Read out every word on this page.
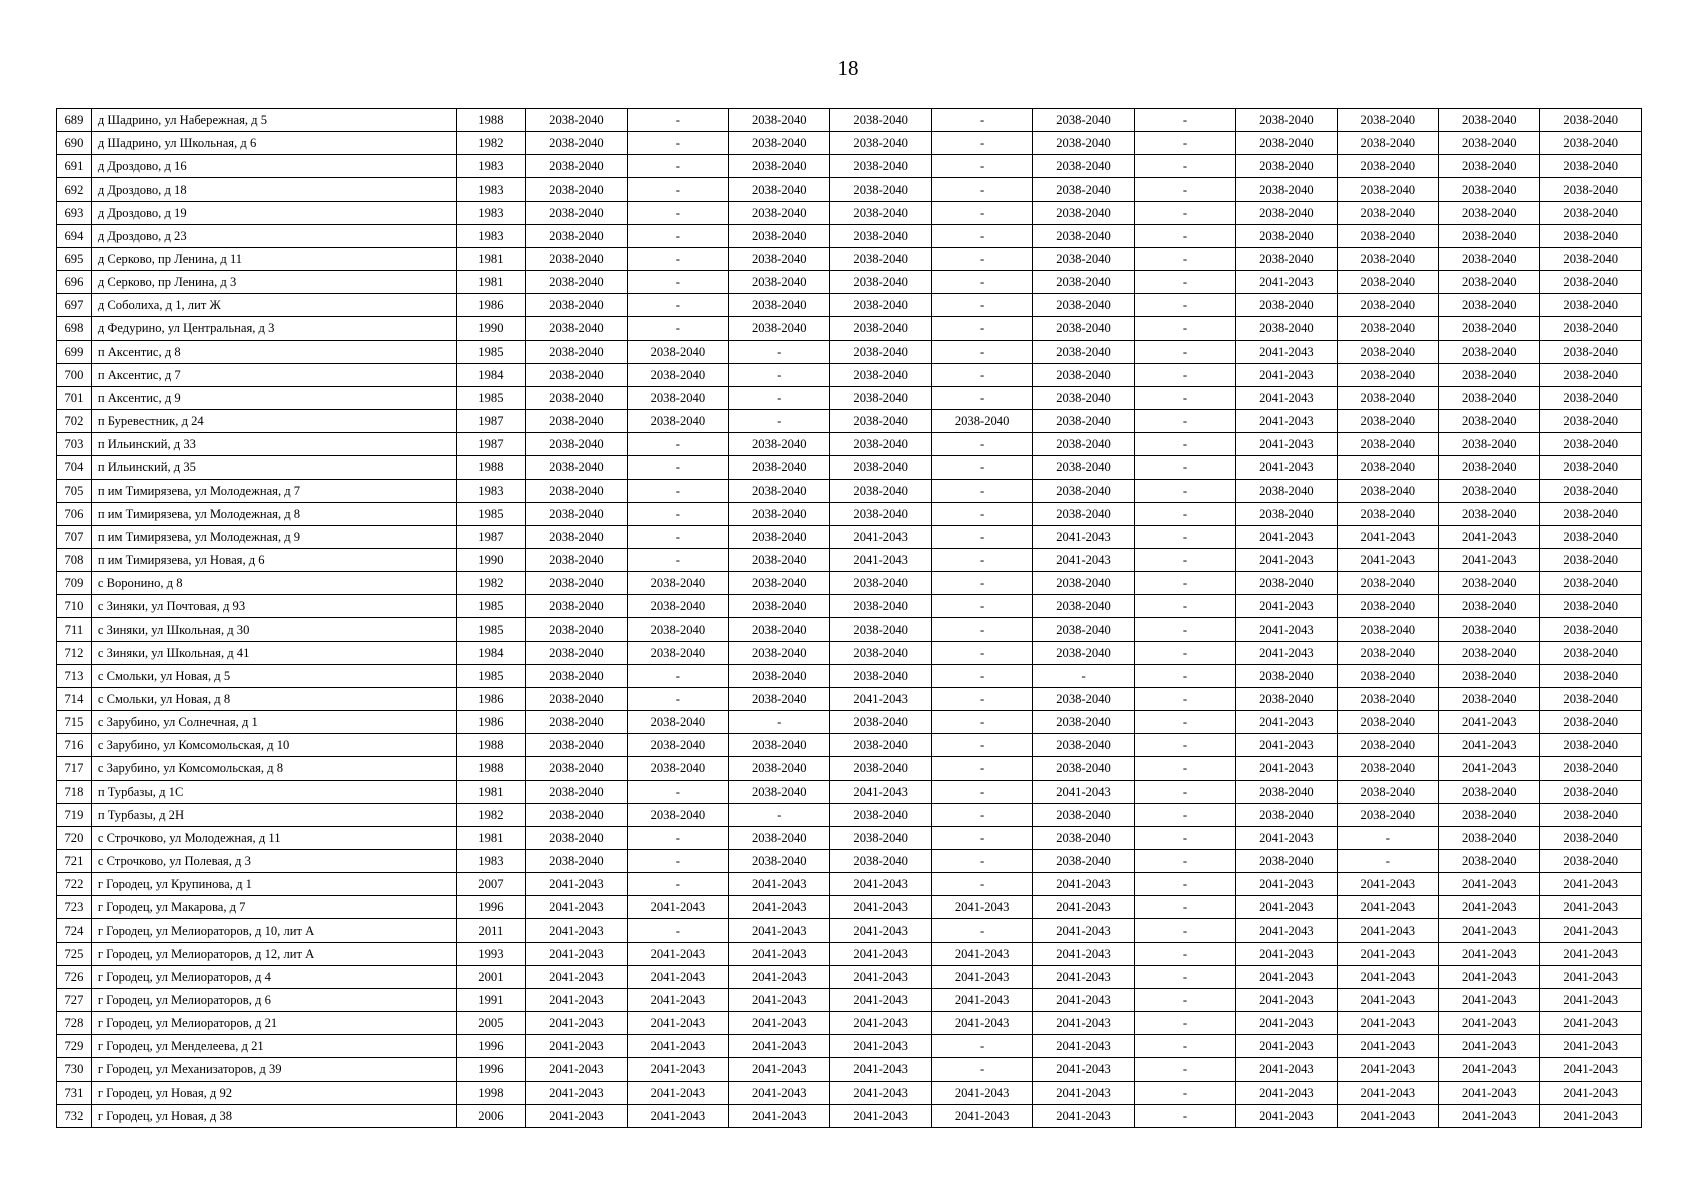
18
689	д Шадрино, ул Набережная, д 5	1988	2038-2040	-	2038-2040	2038-2040	-	2038-2040	-	2038-2040	2038-2040	2038-2040	2038-2040
690	д Шадрино, ул Школьная, д 6	1982	2038-2040	-	2038-2040	2038-2040	-	2038-2040	-	2038-2040	2038-2040	2038-2040	2038-2040
691	д Дроздово, д 16	1983	2038-2040	-	2038-2040	2038-2040	-	2038-2040	-	2038-2040	2038-2040	2038-2040	2038-2040
692	д Дроздово, д 18	1983	2038-2040	-	2038-2040	2038-2040	-	2038-2040	-	2038-2040	2038-2040	2038-2040	2038-2040
693	д Дроздово, д 19	1983	2038-2040	-	2038-2040	2038-2040	-	2038-2040	-	2038-2040	2038-2040	2038-2040	2038-2040
694	д Дроздово, д 23	1983	2038-2040	-	2038-2040	2038-2040	-	2038-2040	-	2038-2040	2038-2040	2038-2040	2038-2040
695	д Серково, пр Ленина, д 11	1981	2038-2040	-	2038-2040	2038-2040	-	2038-2040	-	2038-2040	2038-2040	2038-2040	2038-2040
696	д Серково, пр Ленина, д 3	1981	2038-2040	-	2038-2040	2038-2040	-	2038-2040	-	2041-2043	2038-2040	2038-2040	2038-2040
697	д Соболиха, д 1, лит Ж	1986	2038-2040	-	2038-2040	2038-2040	-	2038-2040	-	2038-2040	2038-2040	2038-2040	2038-2040
698	д Федурино, ул Центральная, д 3	1990	2038-2040	-	2038-2040	2038-2040	-	2038-2040	-	2038-2040	2038-2040	2038-2040	2038-2040
699	п Аксентис, д 8	1985	2038-2040	2038-2040	-	2038-2040	-	2038-2040	-	2041-2043	2038-2040	2038-2040	2038-2040
700	п Аксентис, д 7	1984	2038-2040	2038-2040	-	2038-2040	-	2038-2040	-	2041-2043	2038-2040	2038-2040	2038-2040
701	п Аксентис, д 9	1985	2038-2040	2038-2040	-	2038-2040	-	2038-2040	-	2041-2043	2038-2040	2038-2040	2038-2040
702	п Буревестник, д 24	1987	2038-2040	2038-2040	-	2038-2040	2038-2040	2038-2040	-	2041-2043	2038-2040	2038-2040	2038-2040
703	п Ильинский, д 33	1987	2038-2040	-	2038-2040	2038-2040	-	2038-2040	-	2041-2043	2038-2040	2038-2040	2038-2040
704	п Ильинский, д 35	1988	2038-2040	-	2038-2040	2038-2040	-	2038-2040	-	2041-2043	2038-2040	2038-2040	2038-2040
705	п им Тимирязева, ул Молодежная, д 7	1983	2038-2040	-	2038-2040	2038-2040	-	2038-2040	-	2038-2040	2038-2040	2038-2040	2038-2040
706	п им Тимирязева, ул Молодежная, д 8	1985	2038-2040	-	2038-2040	2038-2040	-	2038-2040	-	2038-2040	2038-2040	2038-2040	2038-2040
707	п им Тимирязева, ул Молодежная, д 9	1987	2038-2040	-	2038-2040	2041-2043	-	2041-2043	-	2041-2043	2041-2043	2041-2043	2038-2040
708	п им Тимирязева, ул Новая, д 6	1990	2038-2040	-	2038-2040	2041-2043	-	2041-2043	-	2041-2043	2041-2043	2041-2043	2038-2040
709	с Воронино, д 8	1982	2038-2040	2038-2040	2038-2040	2038-2040	-	2038-2040	-	2038-2040	2038-2040	2038-2040	2038-2040
710	с Зиняки, ул Почтовая, д 93	1985	2038-2040	2038-2040	2038-2040	2038-2040	-	2038-2040	-	2041-2043	2038-2040	2038-2040	2038-2040
711	с Зиняки, ул Школьная, д 30	1985	2038-2040	2038-2040	2038-2040	2038-2040	-	2038-2040	-	2041-2043	2038-2040	2038-2040	2038-2040
712	с Зиняки, ул Школьная, д 41	1984	2038-2040	2038-2040	2038-2040	2038-2040	-	2038-2040	-	2041-2043	2038-2040	2038-2040	2038-2040
713	с Смольки, ул Новая, д 5	1985	2038-2040	-	2038-2040	2038-2040	-	-	-	2038-2040	2038-2040	2038-2040	2038-2040
714	с Смольки, ул Новая, д 8	1986	2038-2040	-	2038-2040	2041-2043	-	2038-2040	-	2038-2040	2038-2040	2038-2040	2038-2040
715	с Зарубино, ул Солнечная, д 1	1986	2038-2040	2038-2040	-	2038-2040	-	2038-2040	-	2041-2043	2038-2040	2041-2043	2038-2040
716	с Зарубино, ул Комсомольская, д 10	1988	2038-2040	2038-2040	2038-2040	2038-2040	-	2038-2040	-	2041-2043	2038-2040	2041-2043	2038-2040
717	с Зарубино, ул Комсомольская, д 8	1988	2038-2040	2038-2040	2038-2040	2038-2040	-	2038-2040	-	2041-2043	2038-2040	2041-2043	2038-2040
718	п Турбазы, д 1С	1981	2038-2040	-	2038-2040	2041-2043	-	2041-2043	-	2038-2040	2038-2040	2038-2040	2038-2040
719	п Турбазы, д 2Н	1982	2038-2040	2038-2040	-	2038-2040	-	2038-2040	-	2038-2040	2038-2040	2038-2040	2038-2040
720	с Строчково, ул Молодежная, д 11	1981	2038-2040	-	2038-2040	2038-2040	-	2038-2040	-	2041-2043	-	2038-2040	2038-2040
721	с Строчково, ул Полевая, д 3	1983	2038-2040	-	2038-2040	2038-2040	-	2038-2040	-	2038-2040	-	2038-2040	2038-2040
722	г Городец, ул Крупинова, д 1	2007	2041-2043	-	2041-2043	2041-2043	-	2041-2043	-	2041-2043	2041-2043	2041-2043	2041-2043
723	г Городец, ул Макарова, д 7	1996	2041-2043	2041-2043	2041-2043	2041-2043	2041-2043	2041-2043	-	2041-2043	2041-2043	2041-2043	2041-2043
724	г Городец, ул Мелиораторов, д 10, лит А	2011	2041-2043	-	2041-2043	2041-2043	-	2041-2043	-	2041-2043	2041-2043	2041-2043	2041-2043
725	г Городец, ул Мелиораторов, д 12, лит А	1993	2041-2043	2041-2043	2041-2043	2041-2043	2041-2043	2041-2043	-	2041-2043	2041-2043	2041-2043	2041-2043
726	г Городец, ул Мелиораторов, д 4	2001	2041-2043	2041-2043	2041-2043	2041-2043	2041-2043	2041-2043	-	2041-2043	2041-2043	2041-2043	2041-2043
727	г Городец, ул Мелиораторов, д 6	1991	2041-2043	2041-2043	2041-2043	2041-2043	2041-2043	2041-2043	-	2041-2043	2041-2043	2041-2043	2041-2043
728	г Городец, ул Мелиораторов, д 21	2005	2041-2043	2041-2043	2041-2043	2041-2043	2041-2043	2041-2043	-	2041-2043	2041-2043	2041-2043	2041-2043
729	г Городец, ул Менделеева, д 21	1996	2041-2043	2041-2043	2041-2043	2041-2043	-	2041-2043	-	2041-2043	2041-2043	2041-2043	2041-2043
730	г Городец, ул Механизаторов, д 39	1996	2041-2043	2041-2043	2041-2043	2041-2043	-	2041-2043	-	2041-2043	2041-2043	2041-2043	2041-2043
731	г Городец, ул Новая, д 92	1998	2041-2043	2041-2043	2041-2043	2041-2043	2041-2043	2041-2043	-	2041-2043	2041-2043	2041-2043	2041-2043
732	г Городец, ул Новая, д 38	2006	2041-2043	2041-2043	2041-2043	2041-2043	2041-2043	2041-2043	-	2041-2043	2041-2043	2041-2043	2041-2043
